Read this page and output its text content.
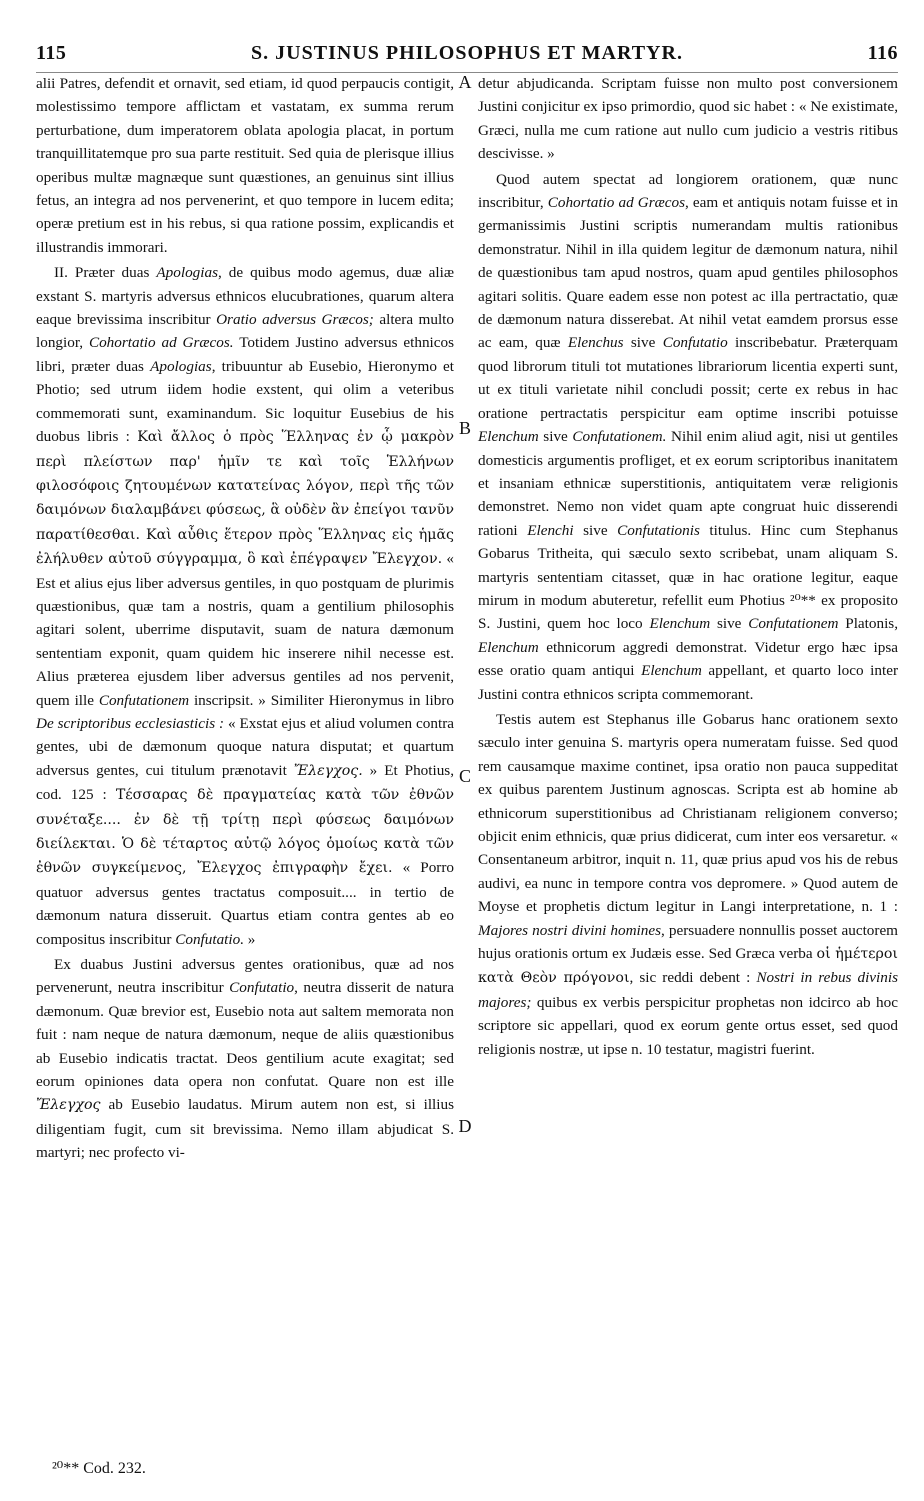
115	S. JUSTINUS PHILOSOPHUS ET MARTYR.	116

alii Patres, defendit et ornavit, sed etiam, id quod perpaucis contigit, molestissimo tempore afflictam et vastatam, ex summa rerum perturbatione, dum imperatorem oblata apologia placat, in portum tranquillitatemque pro sua parte restituit. Sed quia de plerisque illius operibus multæ magnæque sunt quæstiones, an genuinus sint illius fetus, an integra ad nos pervenerint, et quo tempore in lucem edita; operæ pretium est in his rebus, si qua ratione possim, explicandis et illustrandis immorari.

II. Præter duas Apologias, de quibus modo agemus, duæ aliæ exstant S. martyris adversus ethnicos elucubrationes, quarum altera eaque brevissima inscribitur Oratio adversus Græcos; altera multo longior, Cohortatio ad Græcos. Totidem Justino adversus ethnicos libri, præter duas Apologias, tribuuntur ab Eusebio, Hieronymo et Photio; sed utrum iidem hodie exstent, qui olim a veteribus commemorati sunt, examinandum. Sic loquitur Eusebius de his duobus libris : Καὶ ἄλλος ὁ πρὸς Ἕλληνας ἐν ᾧ μακρὸν περὶ πλείστων παρ' ἡμῖν τε καὶ τοῖς Ἑλλήνων φιλοσόφοις ζητουμένων κατατείνας λόγον, περὶ τῆς τῶν δαιμόνων διαλαμβάνει φύσεως, ἃ οὐδὲν ἂν ἐπείγοι τανῦν παρατίθεσθαι. Καὶ αὖθις ἕτερον πρὸς Ἕλληνας εἰς ἡμᾶς ἐλήλυθεν αὐτοῦ σύγγραμμα, ὃ καὶ ἐπέγραψεν Ἔλεγχον. « Est et alius ejus liber adversus gentiles, in quo postquam de plurimis quæstionibus, quæ tam a nostris, quam a gentilium philosophis agitari solent, uberrime disputavit, suam de natura dæmonum sententiam exponit, quam quidem hic inserere nihil necesse est. Alius præterea ejusdem liber adversus gentiles ad nos pervenit, quem ille Confutationem inscripsit. » Similiter Hieronymus in libro De scriptoribus ecclesiasticis : « Exstat ejus et aliud volumen contra gentes, ubi de dæmonum quoque natura disputat; et quartum adversus gentes, cui titulum prænotavit Ἔλεγχος. » Et Photius, cod. 125 : Τέσσαρας δὲ πραγματείας κατὰ τῶν ἐθνῶν συνέταξε.... ἐν δὲ τῇ τρίτῃ περὶ φύσεως δαιμόνων διείλεκται. Ὁ δὲ τέταρτος αὐτῷ λόγος ὁμοίως κατὰ τῶν ἐθνῶν συγκείμενος, Ἔλεγχος ἐπιγραφὴν ἔχει. « Porro quatuor adversus gentes tractatus composuit.... in tertio de dæmonum natura disseruit. Quartus etiam contra gentes ab eo compositus inscribitur Confutatio. »

Ex duabus Justini adversus gentes orationibus, quæ ad nos pervenerunt, neutra inscribitur Confutatio, neutra disserit de natura dæmonum. Quæ brevior est, Eusebio nota aut saltem memorata non fuit : nam neque de natura dæmonum, neque de aliis quæstionibus ab Eusebio indicatis tractat. Deos gentilium acute exagitat; sed eorum opiniones data opera non confutat. Quare non est ille Ἔλεγχος ab Eusebio laudatus. Mirum autem non est, si illius diligentiam fugit, cum sit brevissima. Nemo illam abjudicat S. martyri; nec profecto vi-

A
B
C
D

detur abjudicanda. Scriptam fuisse non multo post conversionem Justini conjicitur ex ipso primordio, quod sic habet : « Ne existimate, Græci, nulla me cum ratione aut nullo cum judicio a vestris ritibus descivisse. »

Quod autem spectat ad longiorem orationem, quæ nunc inscribitur, Cohortatio ad Græcos, eam et antiquis notam fuisse et in germanissimis Justini scriptis numerandam multis rationibus demonstratur. Nihil in illa quidem legitur de dæmonum natura, nihil de quæstionibus tam apud nostros, quam apud gentiles philosophos agitari solitis. Quare eadem esse non potest ac illa pertractatio, quæ de dæmonum natura disserebat. At nihil vetat eamdem prorsus esse ac eam, quæ Elenchus sive Confutatio inscribebatur. Præterquam quod librorum tituli tot mutationes librariorum licentia experti sunt, ut ex tituli varietate nihil concludi possit; certe ex rebus in hac oratione pertractatis perspicitur eam optime inscribi potuisse Elenchum sive Confutationem. Nihil enim aliud agit, nisi ut gentiles domesticis argumentis profliget, et ex eorum scriptoribus inanitatem et insaniam ethnicæ superstitionis, antiquitatem veræ religionis demonstret. Nemo non videt quam apte congruat huic disserendi rationi Elenchi sive Confutationis titulus. Hinc cum Stephanus Gobarus Tritheita, qui sæculo sexto scribebat, unam aliquam S. martyris sententiam citasset, quæ in hac oratione legitur, eaque mirum in modum abuteretur, refellit eum Photius ²⁰** ex proposito S. Justini, quem hoc loco Elenchum sive Confutationem Platonis, Elenchum ethnicorum aggredi demonstrat. Videtur ergo hæc ipsa esse oratio quam antiqui Elenchum appellant, et quarto loco inter Justini contra ethnicos scripta commemorant.

Testis autem est Stephanus ille Gobarus hanc orationem sexto sæculo inter genuina S. martyris opera numeratam fuisse. Sed quod rem causamque maxime continet, ipsa oratio non pauca suppeditat ex quibus parentem Justinum agnoscas. Scripta est ab homine ab ethnicorum superstitionibus ad Christianam religionem converso; objicit enim ethnicis, quæ prius didicerat, cum inter eos versaretur. « Consentaneum arbitror, inquit n. 11, quæ prius apud vos his de rebus audivi, ea nunc in tempore contra vos depromere. » Quod autem de Moyse et prophetis dictum legitur in Langi interpretatione, n. 1 : Majores nostri divini homines, persuadere nonnullis posset auctorem hujus orationis ortum ex Judæis esse. Sed Græca verba οἱ ἡμέτεροι κατὰ Θεὸν πρόγονοι, sic reddi debent : Nostri in rebus divinis majores; quibus ex verbis perspicitur prophetas non idcirco ab hoc scriptore sic appellari, quod ex eorum gente ortus esset, sed quod religionis nostræ, ut ipse n. 10 testatur, magistri fuerint.

²⁰** Cod. 232.
